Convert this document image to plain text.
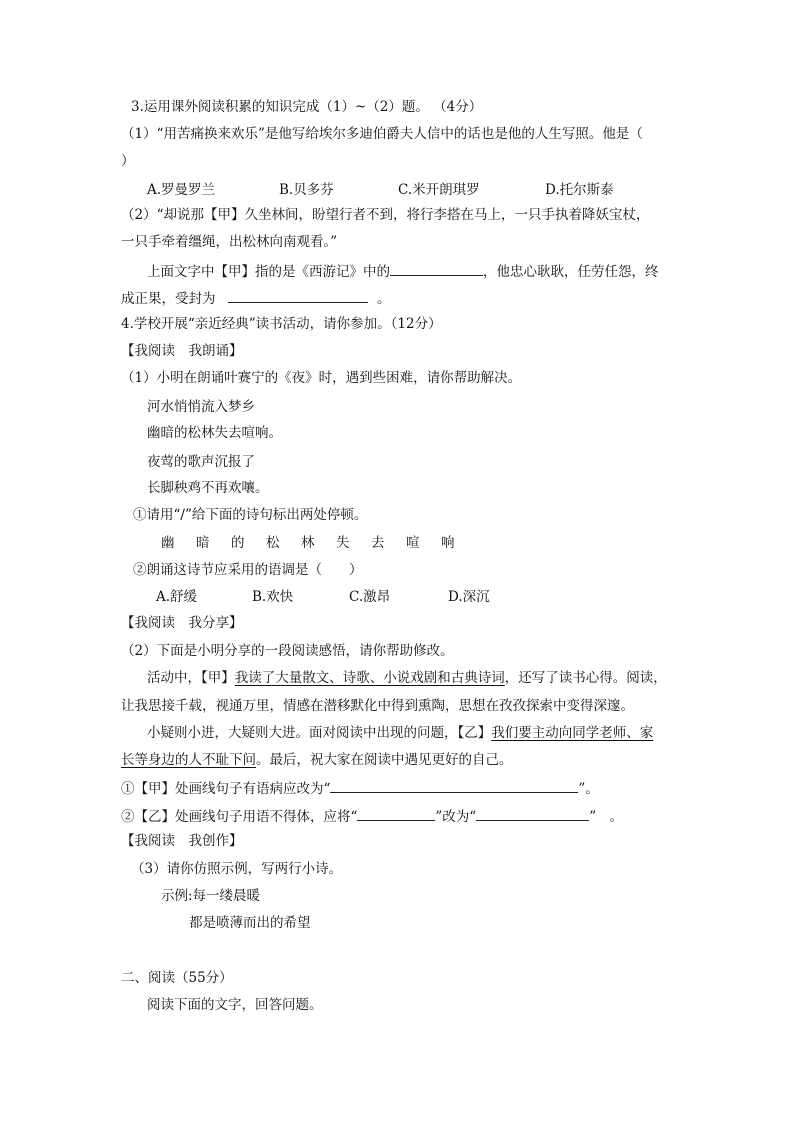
3.运用课外阅读积累的知识完成（1）~（2）题。 （4分）
（1）“用苦痛换来欢乐”是他写给埃尔多迪伯爵夫人信中的话也是他的人生写照。他是（
）
A.罗曼罗兰	B.贝多芬	C.米开朗琪罗	D.托尔斯泰
（2）“却说那【甲】久坐林间，盼望行者不到，将行李搭在马上，一只手执着降妖宝杖，
一只手牵着缰绳，出松林向南观看。”
上面文字中【甲】指的是《西游记》中的	，他忠心耿耿，任劳任怨，终
成正果，受封为	。
4.学校开展“亲近经典”读书活动，请你参加。（12分）
【我阅读　我朗诵】
（1）小明在朗诵叶赛宁的《夜》时，遇到些困难，请你帮助解决。
河水悄悄流入梦乡
幽暗的松林失去喧响。
夜莺的歌声沉报了
长脚秧鸡不再欢嚷。
①请用“/”给下面的诗句标出两处停顿。
幽 暗 的 松 林 失 去 喧 响
②朗诵这诗节应采用的语调是（　　）
A.舒缓	B.欢快	C.激昂	D.深沉
【我阅读　我分享】
（2）下面是小明分享的一段阅读感悟，请你帮助修改。
活动中，【甲】我读了大量散文、诗歌、小说戏剧和古典诗词，还写了读书心得。阅读，
让我思接千载，视通万里，情感在潜移默化中得到熏陶，思想在孜孜探索中变得深邃。
小疑则小进，大疑则大进。面对阅读中出现的问题，【乙】我们要主动向同学老师、家
长等身边的人不耻下问。最后，祝大家在阅读中遇见更好的自己。
①【甲】处画线句子有语病应改为“	”。
②【乙】处画线句子用语不得体，应将“	”改为“	”　。
【我阅读　我创作】
（3）请你仿照示例，写两行小诗。
示例:每一缕晨暖
都是喷薄而出的希望
二、阅读（55分）
阅读下面的文字，回答问题。
